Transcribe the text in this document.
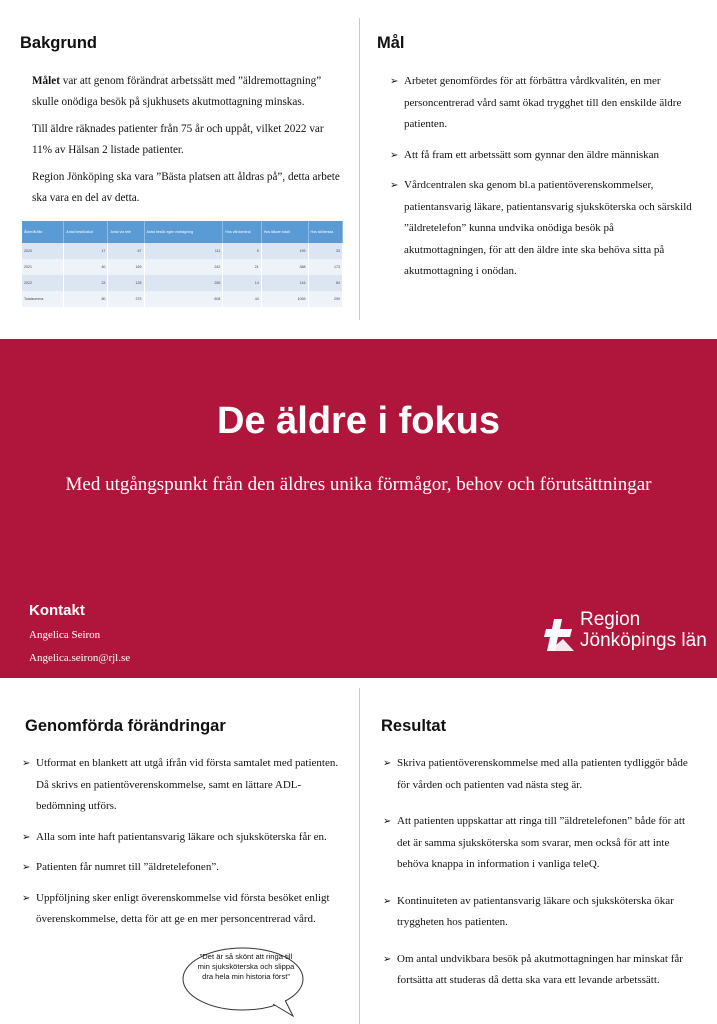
Bakgrund

Målet var att genom förändrat arbetssätt med ”äldremottagning” skulle onödiga besök på sjukhusets akutmottagning minskas.

Till äldre räknades patienter från 75 år och uppåt, vilket 2022 var 11% av Hälsan 2 listade patienter.

Region Jönköping ska vara ”Bästa platsen att åldras på”, detta arbete ska vara en del av detta.

Ålder/år/län	Antal besök/akut	Antal via tele	Antal besök egen mottagning	Hos vårdcentral	Hos läkare totalt	Hos sköterska
2020	17	67	111	9	199	33
2021	40	169	242	21	388	173
2022	23	128	255	14	116	84
Totalsumma	80	375	608	44	1059	290
Mål
➢ Arbetet genomfördes för att förbättra vårdkvalitén, en mer personcentrerad vård samt ökad trygghet till den enskilde äldre patienten.
➢ Att få fram ett arbetssätt som gynnar den äldre människan
➢ Vårdcentralen ska genom bl.a patientöverenskommelser, patientansvarig läkare, patientansvarig sjuksköterska och särskild ”äldretelefon” kunna undvika onödiga besök på akutmottagningen, för att den äldre inte ska behöva sitta på akutmottagning i onödan.
De äldre i fokus
Med utgångspunkt från den äldres unika förmågor, behov och förutsättningar
Kontakt
Angelica Seiron
Angelica.seiron@rjl.se
Region
Jönköpings län
Genomförda förändringar
➢ Utformat en blankett att utgå ifrån vid första samtalet med patienten. Då skrivs en patientöverenskommelse, samt en lättare ADL-bedömning utförs.
➢ Alla som inte haft patientansvarig läkare och sjuksköterska får en.
➢ Patienten får numret till ”äldretelefonen”.
➢ Uppföljning sker enligt överenskommelse vid första besöket enligt överenskommelse, detta för att ge en mer personcentrerad vård.
”Det är så skönt att ringa till min sjuksköterska och slippa dra hela min historia först”
Resultat
➢ Skriva patientöverenskommelse med alla patienten tydliggör både för vården och patienten vad nästa steg är.
➢ Att patienten uppskattar att ringa till ”äldretelefonen” både för att det är samma sjuksköterska som svarar, men också för att inte behöva knappa in information i vanliga teleQ.
➢ Kontinuiteten av patientansvarig läkare och sjuksköterska ökar tryggheten hos patienten.
➢ Om antal undvikbara besök på akutmottagningen har minskat får fortsätta att studeras då detta ska vara ett levande arbetssätt.
